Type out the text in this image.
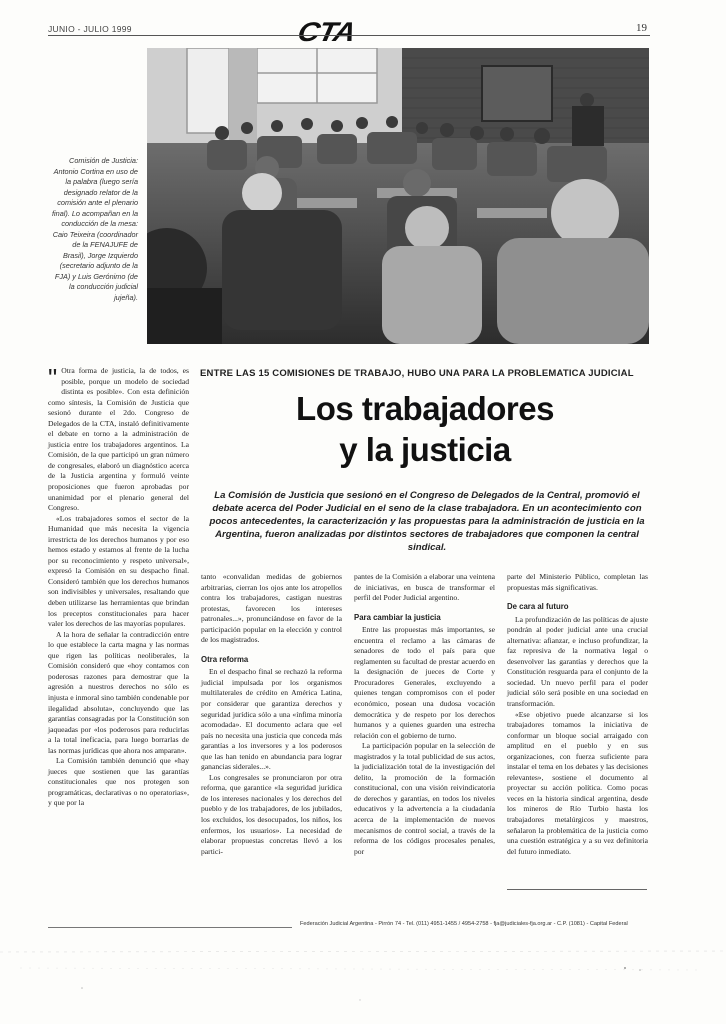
JUNIO - JULIO 1999	CTA	19
Comisión de Justicia: Antonio Cortina en uso de la palabra (luego sería designado relator de la comisión ante el plenario final). Lo acompañan en la conducción de la mesa: Caio Teixeira (coordinador de la FENAJUFE de Brasil), Jorge Izquierdo (secretario adjunto de la FJA) y Luis Gerónimo (de la conducción judicial jujeña).
ENTRE LAS 15 COMISIONES DE TRABAJO, HUBO UNA PARA LA PROBLEMATICA JUDICIAL
Los trabajadores
y la justicia
La Comisión de Justicia que sesionó en el Congreso de Delegados de la Central, promovió el debate acerca del Poder Judicial en el seno de la clase trabajadora. En un acontecimiento con pocos antecedentes, la caracterización y las propuestas para la administración de justicia en la Argentina, fueron analizadas por distintos sectores de trabajadores que componen la central sindical.

" Otra forma de justicia, la de todos, es posible, porque un modelo de sociedad distinta es posible». Con esta definición como síntesis, la Comisión de Justicia que sesionó durante el 2do. Congreso de Delegados de la CTA, instaló definitivamente el debate en torno a la administración de justicia entre los trabajadores argentinos. La Comisión, de la que participó un gran número de congresales, elaboró un diagnóstico acerca de la Justicia argentina y formuló veinte proposiciones que fueron aprobadas por unanimidad por el plenario general del Congreso.

«Los trabajadores somos el sector de la Humanidad que más necesita la vigencia irrestricta de los derechos humanos y por eso hemos estado y estamos al frente de la lucha por su reconocimiento y respeto universal», expresó la Comisión en su despacho final. Consideró también que los derechos humanos son indivisibles y universales, resaltando que deben utilizarse las herramientas que brindan los preceptos constitucionales para hacer valer los derechos de las mayorías populares.

A la hora de señalar la contradicción entre lo que establece la carta magna y las normas que rigen las políticas neoliberales, la Comisión consideró que «hoy contamos con poderosas razones para demostrar que la agresión a nuestros derechos no sólo es injusta e inmoral sino también condenable por ilegalidad absoluta», concluyendo que las garantías consagradas por la Constitución son jaqueadas por «los poderosos para reducirlas a la total ineficacia, para luego borrarlas de las normas jurídicas que ahora nos amparan».

La Comisión también denunció que «hay jueces que sostienen que las garantías constitucionales que nos protegen son programáticas, declarativas o no operatorias», y que por la

tanto «convalidan medidas de gobiernos arbitrarias, cierran los ojos ante los atropellos contra los trabajadores, castigan nuestras protestas, favorecen los intereses patronales...», pronunciándose en favor de la participación popular en la elección y control de los magistrados.

Otra reforma

En el despacho final se rechazó la reforma judicial impulsada por los organismos multilaterales de crédito en América Latina, por considerar que garantiza derechos y seguridad jurídica sólo a una «ínfima minoría acomodada». El documento aclara que «el país no necesita una justicia que conceda más garantías a los inversores y a los poderosos que las han tenido en abundancia para lograr ganancias siderales...».

Los congresales se pronunciaron por otra reforma, que garantice «la seguridad jurídica de los intereses nacionales y los derechos del pueblo y de los trabajadores, de los jubilados, los excluidos, los desocupados, los niños, los enfermos, los usuarios». La necesidad de elaborar propuestas concretas llevó a los partici-

pantes de la Comisión a elaborar una veintena de iniciativas, en busca de transformar el perfil del Poder Judicial argentino.

Para cambiar la justicia

Entre las propuestas más importantes, se encuentra el reclamo a las cámaras de senadores de todo el país para que reglamenten su facultad de prestar acuerdo en la designación de jueces de Corte y Procuradores Generales, excluyendo a quienes tengan compromisos con el poder económico, posean una dudosa vocación democrática y de respeto por los derechos humanos y a quienes guarden una estrecha relación con el gobierno de turno.

La participación popular en la selección de magistrados y la total publicidad de sus actos, la judicialización total de la investigación del delito, la promoción de la formación constitucional, con una visión reivindicatoria de derechos y garantías, en todos los niveles educativos y la advertencia a la ciudadanía acerca de la implementación de nuevos mecanismos de control social, a través de la reforma de los códigos procesales penales, por

parte del Ministerio Público, completan las propuestas más significativas.

De cara al futuro

La profundización de las políticas de ajuste pondrán al poder judicial ante una crucial alternativa: afianzar, e incluso profundizar, la faz represiva de la normativa legal o desenvolver las garantías y derechos que la Constitución resguarda para el conjunto de la sociedad. Un nuevo perfil para el poder judicial sólo será posible en una sociedad en transformación.

«Ese objetivo puede alcanzarse si los trabajadores tomamos la iniciativa de conformar un bloque social arraigado con amplitud en el pueblo y en sus organizaciones, con fuerza suficiente para instalar el tema en los debates y las decisiones relevantes», sostiene el documento al proyectar su acción política. Como pocas veces en la historia sindical argentina, desde los mineros de Río Turbio hasta los trabajadores metalúrgicos y maestros, señalaron la problemática de la justicia como una cuestión estratégica y a su vez definitoria del futuro inmediato.

Federación Judicial Argentina - Pirrón 74 - Tel. (011) 4951-1455 / 4954-2758 - fja@judiciales-fja.org.ar - C.P. (1081) - Capital Federal
